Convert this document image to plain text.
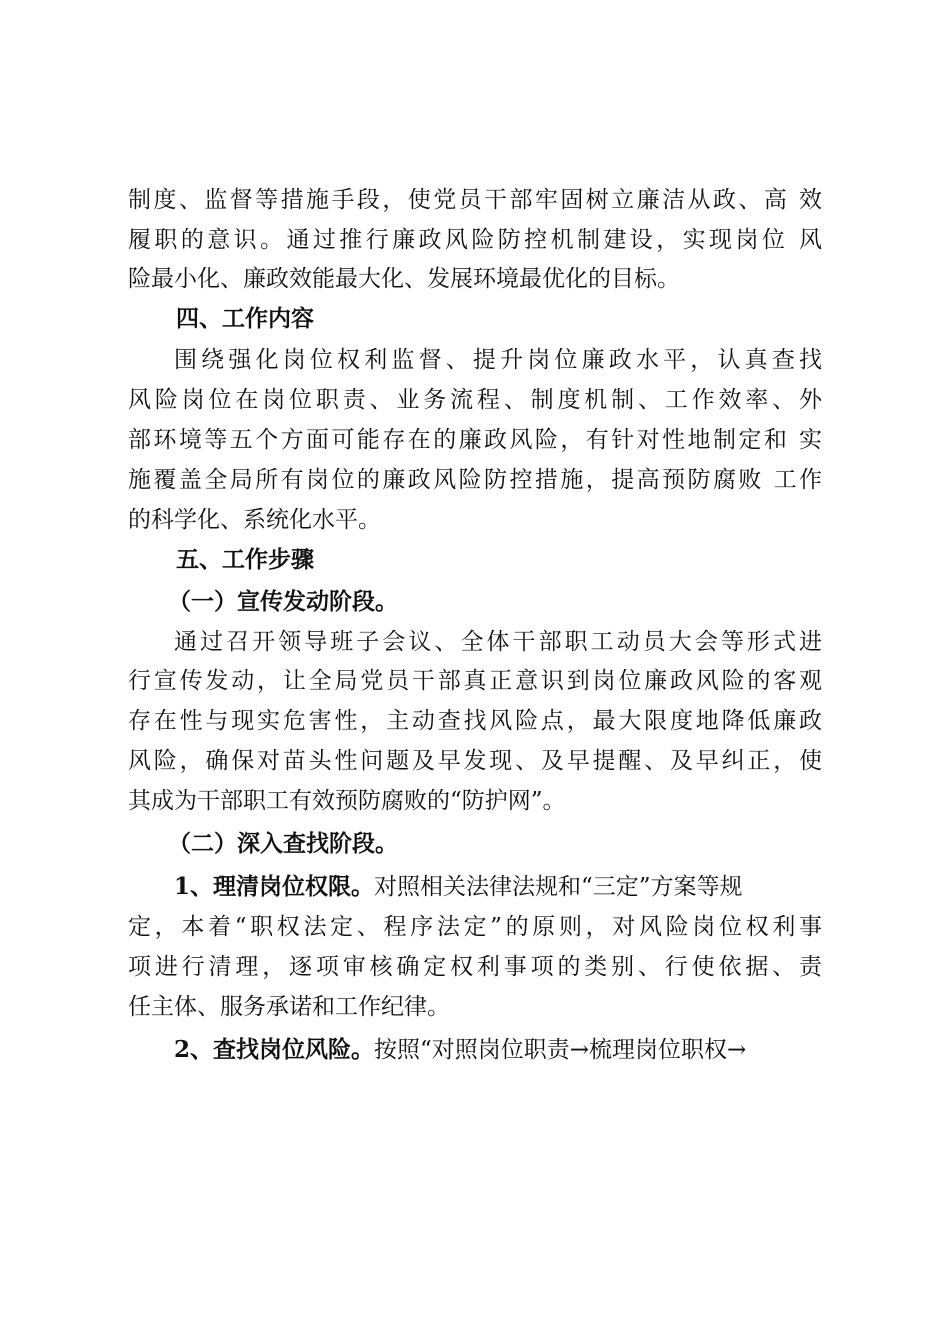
制度、监督等措施手段，使党员干部牢固树立廉洁从政、高 效
履职的意识。通过推行廉政风险防控机制建设，实现岗位 风
险最小化、廉政效能最大化、发展环境最优化的目标。
四、工作内容
围绕强化岗位权利监督、提升岗位廉政水平，认真查找
风险岗位在岗位职责、业务流程、制度机制、工作效率、外
部环境等五个方面可能存在的廉政风险，有针对性地制定和 实
施覆盖全局所有岗位的廉政风险防控措施，提高预防腐败 工作
的科学化、系统化水平。
五、工作步骤
（一）宣传发动阶段。
通过召开领导班子会议、全体干部职工动员大会等形式进
行宣传发动，让全局党员干部真正意识到岗位廉政风险的客观
存在性与现实危害性，主动查找风险点，最大限度地降低廉政
风险，确保对苗头性问题及早发现、及早提醒、及早纠正，使
其成为干部职工有效预防腐败的“防护网”。
（二）深入查找阶段。
1、理清岗位权限。对照相关法律法规和“三定”方案等规
定，本着“职权法定、程序法定”的原则，对风险岗位权利事
项进行清理，逐项审核确定权利事项的类别、行使依据、责
任主体、服务承诺和工作纪律。
2、查找岗位风险。按照“对照岗位职责→梳理岗位职权→
